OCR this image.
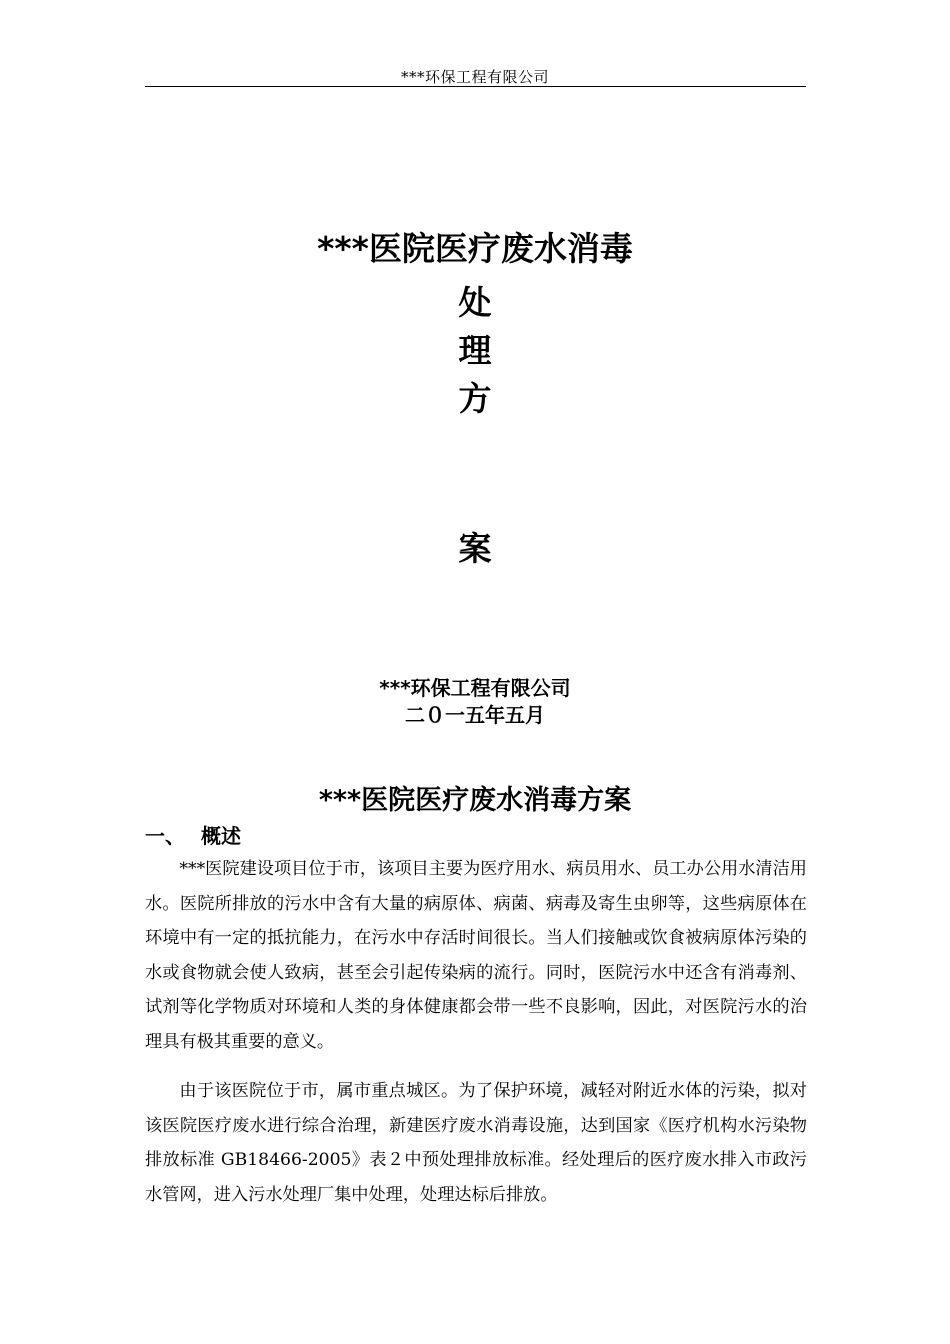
***环保工程有限公司
***医院医疗废水消毒
处
理
方
案
***环保工程有限公司
二０一五年五月
***医院医疗废水消毒方案
一、 概述

***医院建设项目位于市，该项目主要为医疗用水、病员用水、员工办公用水清洁用水。医院所排放的污水中含有大量的病原体、病菌、病毒及寄生虫卵等，这些病原体在环境中有一定的抵抗能力，在污水中存活时间很长。当人们接触或饮食被病原体污染的水或食物就会使人致病，甚至会引起传染病的流行。同时，医院污水中还含有消毒剂、试剂等化学物质对环境和人类的身体健康都会带一些不良影响，因此，对医院污水的治理具有极其重要的意义。

由于该医院位于市，属市重点城区。为了保护环境，减轻对附近水体的污染，拟对该医院医疗废水进行综合治理，新建医疗废水消毒设施，达到国家《医疗机构水污染物排放标准 GB18466-2005》表２中预处理排放标准。经处理后的医疗废水排入市政污水管网，进入污水处理厂集中处理，处理达标后排放。
